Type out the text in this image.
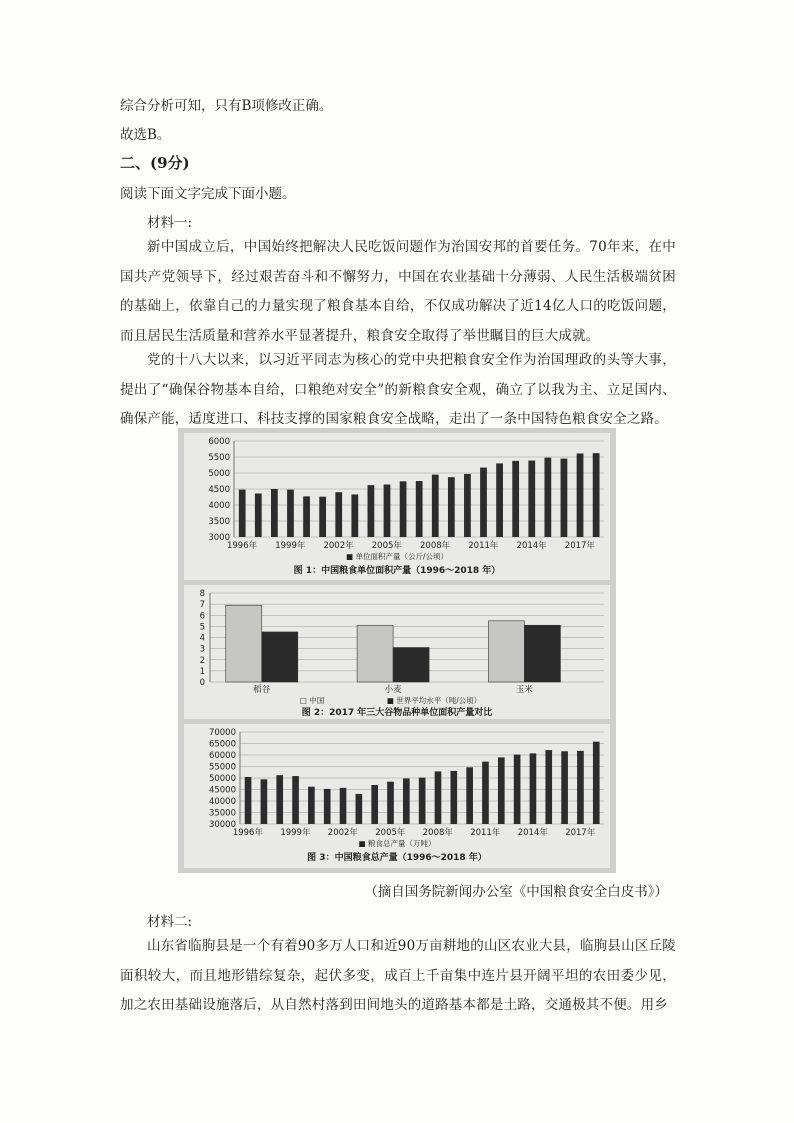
综合分析可知，只有B项修改正确。
故选B。
二、(9分)
阅读下面文字完成下面小题。
材料一:
新中国成立后，中国始终把解决人民吃饭问题作为治国安邦的首要任务。70年来，在中国共产党领导下，经过艰苦奋斗和不懈努力，中国在农业基础十分薄弱、人民生活极端贫困的基础上，依靠自己的力量实现了粮食基本自给，不仅成功解决了近14亿人口的吃饭问题，而且居民生活质量和营养水平显著提升，粮食安全取得了举世瞩目的巨大成就。
党的十八大以来，以习近平同志为核心的党中央把粮食安全作为治国理政的头等大事，提出了“确保谷物基本自给，口粮绝对安全”的新粮食安全观，确立了以我为主、立足国内、确保产能，适度进口、科技支撑的国家粮食安全战略，走出了一条中国特色粮食安全之路。
3000
3500
4000
4500
5000
5500
6000
1996年 1999年 2002年 2005年 2008年 2011年 2014年 2017年
■ 单位面积产量（公斤/公顷）
图 1：中国粮食单位面积产量（1996～2018 年）
0
1
2
3
4
5
6
7
8
稻谷	小麦	玉米
□ 中国	■ 世界平均水平（吨/公顷）
图 2：2017 年三大谷物品种单位面积产量对比
30000
35000
40000
45000
50000
55000
60000
65000
70000
1996年 1999年 2002年 2005年 2008年 2011年 2014年 2017年
■ 粮食总产量（万吨）
图 3：中国粮食总产量（1996～2018 年）
（摘自国务院新闻办公室《中国粮食安全白皮书》）
材料二:
山东省临朐县是一个有着90多万人口和近90万亩耕地的山区农业大县，临朐县山区丘陵面积较大，而且地形错综复杂，起伏多变，成百上千亩集中连片县开阔平坦的农田委少见，加之农田基础设施落后，从自然村落到田间地头的道路基本都是土路，交通极其不便。用乡
